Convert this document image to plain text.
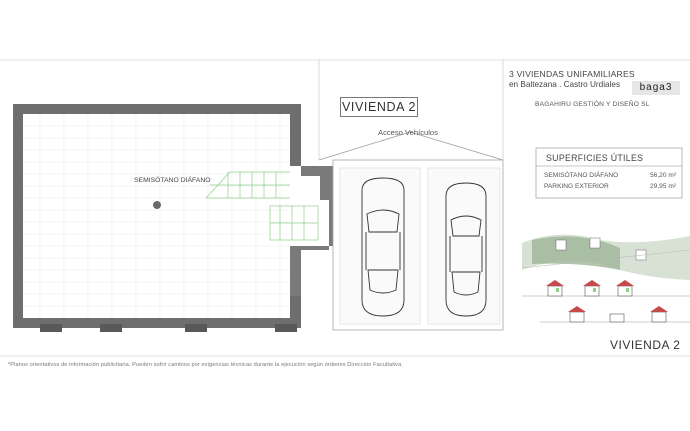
VIVIENDA 2
3 VIVIENDAS UNIFAMILIARES
en Baltezana . Castro Urdiales	baga3
BAGAHIRU GESTIÓN Y DISEÑO SL
Acceso Vehículos
SEMISÓTANO DIÁFANO
SUPERFICIES ÚTILES
SEMISÓTANO DIÁFANO	56,20 m²
PARKING EXTERIOR	29,95 m²
VIVIENDA 2
*Planos orientativos de información publicitaria. Pueden sufrir cambios por exigencias técnicas durante la ejecución según órdenes Dirección Facultativa.
